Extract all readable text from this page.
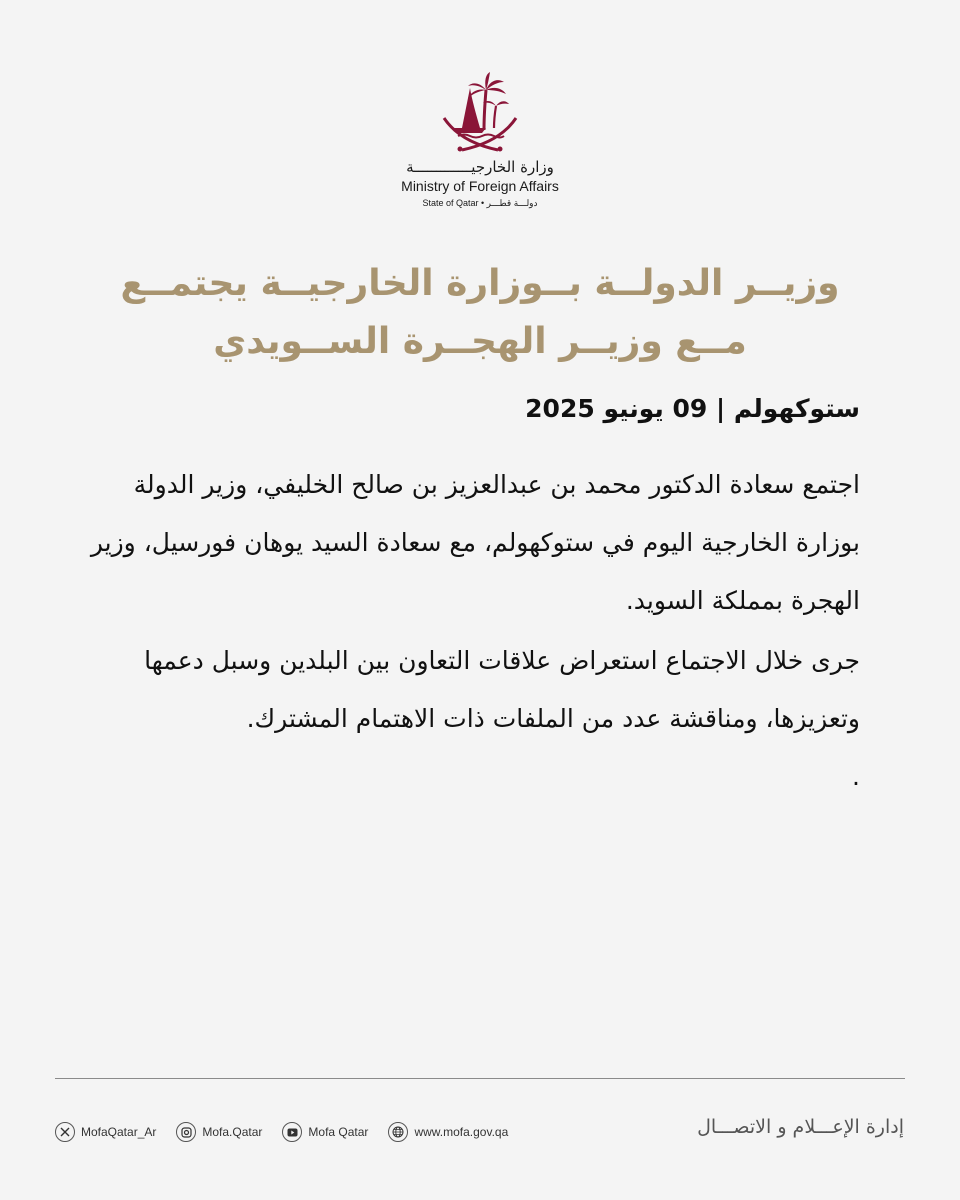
وزارة الخارجيـــــــــــــة
Ministry of Foreign Affairs
State of Qatar • دولـــة قطـــر
وزيــر الدولــة بــوزارة الخارجيــة يجتمــع مــع وزيــر الهجــرة الســويدي
ستوكهولم | 09 يونيو 2025

اجتمع سعادة الدكتور محمد بن عبدالعزيز بن صالح الخليفي، وزير الدولة بوزارة الخارجية اليوم في ستوكهولم، مع سعادة السيد يوهان فورسيل، وزير الهجرة بمملكة السويد.

جرى خلال الاجتماع استعراض علاقات التعاون بين البلدين وسبل دعمها وتعزيزها، ومناقشة عدد من الملفات ذات الاهتمام المشترك.

.

MofaQatar_Ar	Mofa.Qatar	Mofa Qatar	www.mofa.gov.qa	إدارة الإعـــلام و الاتصـــال
